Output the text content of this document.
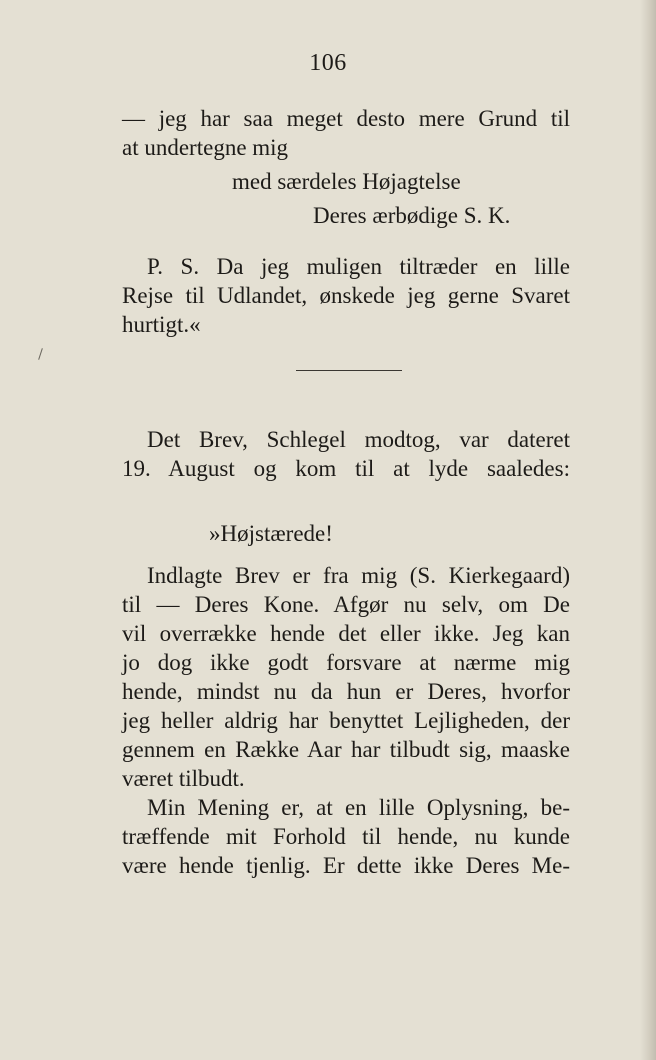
106
— jeg har saa meget desto mere Grund til
at undertegne mig
med særdeles Højagtelse
Deres ærbødige S. K.
P. S. Da jeg muligen tiltræder en lille
Rejse til Udlandet, ønskede jeg gerne Svaret
hurtigt.«
Det Brev, Schlegel modtog, var dateret
19. August og kom til at lyde saaledes:
»Højstærede!
Indlagte Brev er fra mig (S. Kierkegaard)
til — Deres Kone. Afgør nu selv, om De
vil overrække hende det eller ikke. Jeg kan
jo dog ikke godt forsvare at nærme mig
hende, mindst nu da hun er Deres, hvorfor
jeg heller aldrig har benyttet Lejligheden, der
gennem en Række Aar har tilbudt sig, maaske
været tilbudt.
Min Mening er, at en lille Oplysning, be-
træffende mit Forhold til hende, nu kunde
være hende tjenlig. Er dette ikke Deres Me-
